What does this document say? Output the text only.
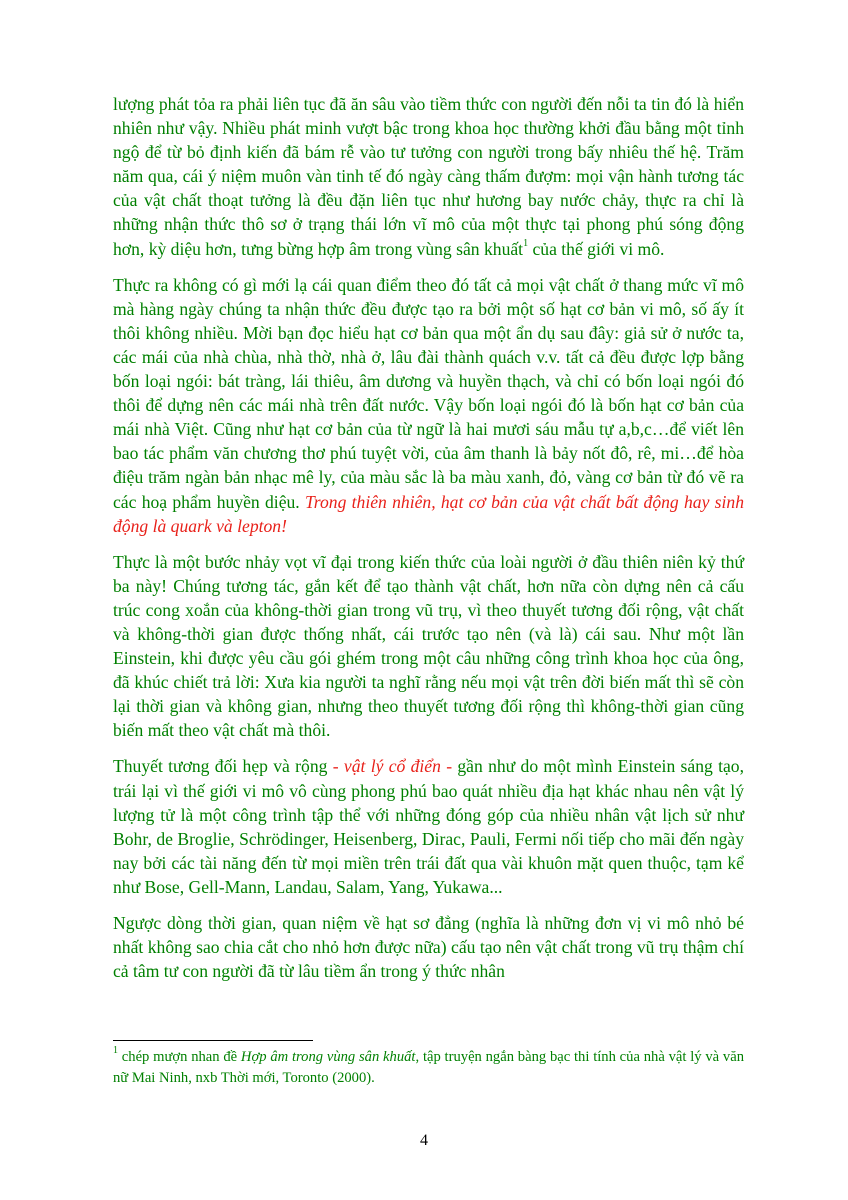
lượng phát tỏa ra phải liên tục đã ăn sâu vào tiềm thức con người đến nỗi ta tin đó là hiển nhiên như vậy. Nhiều phát minh vượt bậc trong khoa học thường khởi đầu bằng một tỉnh ngộ để từ bỏ định kiến đã bám rễ vào tư tưởng con người trong bấy nhiêu thế hệ. Trăm năm qua, cái ý niệm muôn vàn tinh tế đó ngày càng thấm đượm: mọi vận hành tương tác của vật chất thoạt tưởng là đều đặn liên tục như hương bay nước chảy, thực ra chỉ là những nhận thức thô sơ ở trạng thái lớn vĩ mô của một thực tại phong phú sóng động hơn, kỳ diệu hơn, tưng bừng hợp âm trong vùng sân khuất$^1$ của thế giới vi mô.

Thực ra không có gì mới lạ cái quan điểm theo đó tất cả mọi vật chất ở thang mức vĩ mô mà hàng ngày chúng ta nhận thức đều được tạo ra bởi một số hạt cơ bản vi mô, số ấy ít thôi không nhiều. Mời bạn đọc hiểu hạt cơ bản qua một ẩn dụ sau đây: giả sử ở nước ta, các mái của nhà chùa, nhà thờ, nhà ở, lâu đài thành quách v.v. tất cả đều được lợp bằng bốn loại ngói: bát tràng, lái thiêu, âm dương và huyền thạch, và chỉ có bốn loại ngói đó thôi để dựng nên các mái nhà trên đất nước. Vậy bốn loại ngói đó là bốn hạt cơ bản của mái nhà Việt. Cũng như hạt cơ bản của từ ngữ là hai mươi sáu mẫu tự a,b,c…để viết lên bao tác phẩm văn chương thơ phú tuyệt vời, của âm thanh là bảy nốt đô, rê, mi…để hòa điệu trăm ngàn bản nhạc mê ly, của màu sắc là ba màu xanh, đỏ, vàng cơ bản từ đó vẽ ra các hoạ phẩm huyền diệu. Trong thiên nhiên, hạt cơ bản của vật chất bất động hay sinh động là quark và lepton!

Thực là một bước nhảy vọt vĩ đại trong kiến thức của loài người ở đầu thiên niên kỷ thứ ba này! Chúng tương tác, gắn kết để tạo thành vật chất, hơn nữa còn dựng nên cả cấu trúc cong xoắn của không-thời gian trong vũ trụ, vì theo thuyết tương đối rộng, vật chất và không-thời gian được thống nhất, cái trước tạo nên (và là) cái sau. Như một lần Einstein, khi được yêu cầu gói ghém trong một câu những công trình khoa học của ông, đã khúc chiết trả lời: Xưa kia người ta nghĩ rằng nếu mọi vật trên đời biến mất thì sẽ còn lại thời gian và không gian, nhưng theo thuyết tương đối rộng thì không-thời gian cũng biến mất theo vật chất mà thôi.

Thuyết tương đối hẹp và rộng - vật lý cổ điển - gần như do một mình Einstein sáng tạo, trái lại vì thế giới vi mô vô cùng phong phú bao quát nhiều địa hạt khác nhau nên vật lý lượng tử là một công trình tập thể với những đóng góp của nhiều nhân vật lịch sử như Bohr, de Broglie, Schrödinger, Heisenberg, Dirac, Pauli, Fermi nối tiếp cho mãi đến ngày nay bởi các tài năng đến từ mọi miền trên trái đất qua vài khuôn mặt quen thuộc, tạm kể như Bose, Gell-Mann, Landau, Salam, Yang, Yukawa...

Ngược dòng thời gian, quan niệm về hạt sơ đẳng (nghĩa là những đơn vị vi mô nhỏ bé nhất không sao chia cắt cho nhỏ hơn được nữa) cấu tạo nên vật chất trong vũ trụ thậm chí cả tâm tư con người đã từ lâu tiềm ẩn trong ý thức nhân

$^1$ chép mượn nhan đề Hợp âm trong vùng sân khuất, tập truyện ngắn bàng bạc thi tính của nhà vật lý và văn nữ Mai Ninh, nxb Thời mới, Toronto (2000).
4
